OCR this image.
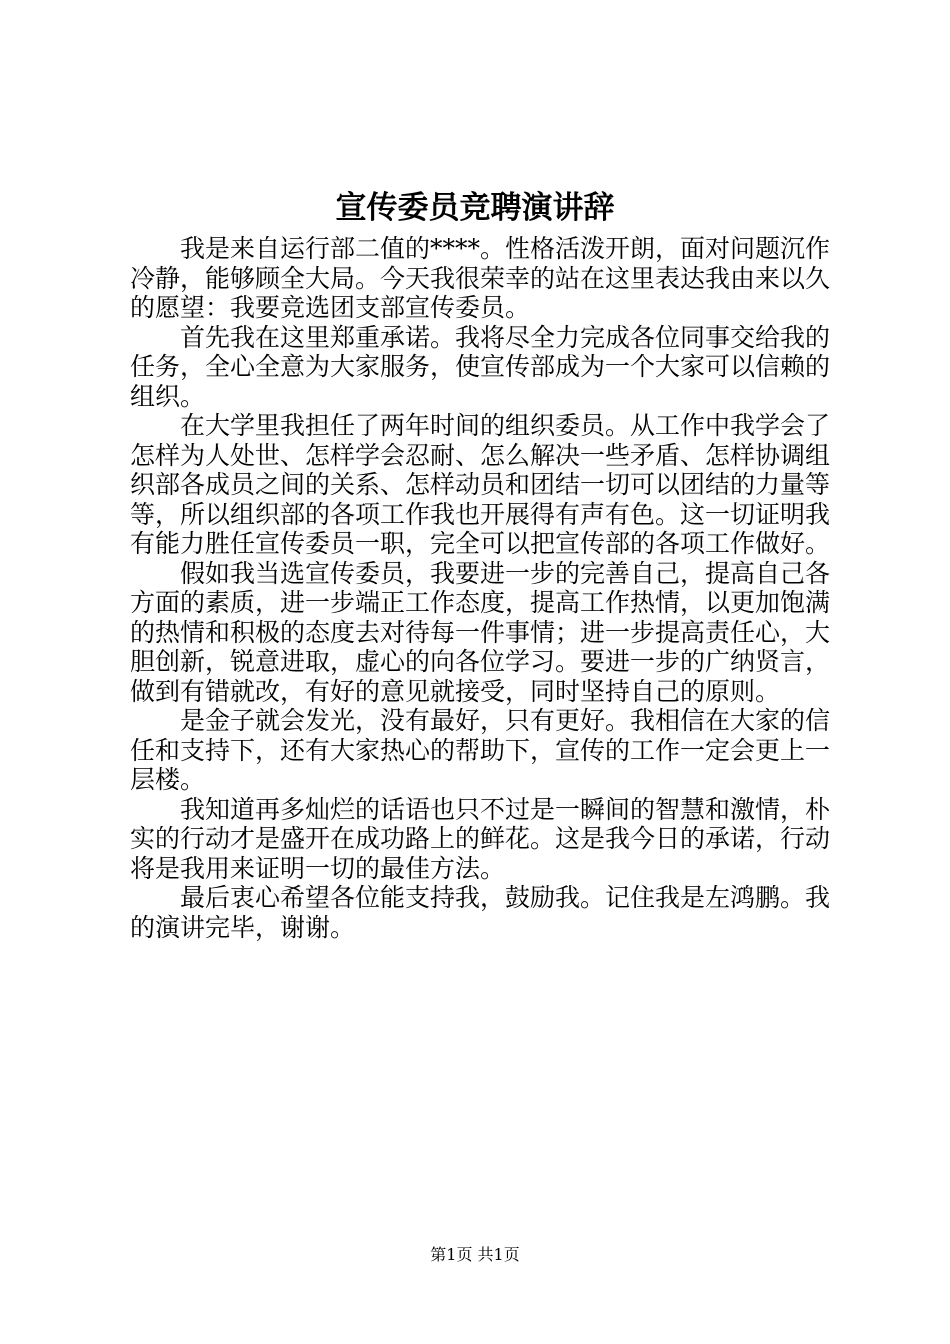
宣传委员竞聘演讲辞

我是来自运行部二值的****。性格活泼开朗，面对问题沉作冷静，能够顾全大局。今天我很荣幸的站在这里表达我由来以久的愿望：我要竞选团支部宣传委员。

首先我在这里郑重承诺。我将尽全力完成各位同事交给我的任务，全心全意为大家服务，使宣传部成为一个大家可以信赖的组织。

在大学里我担任了两年时间的组织委员。从工作中我学会了怎样为人处世、怎样学会忍耐、怎么解决一些矛盾、怎样协调组织部各成员之间的关系、怎样动员和团结一切可以团结的力量等等，所以组织部的各项工作我也开展得有声有色。这一切证明我有能力胜任宣传委员一职，完全可以把宣传部的各项工作做好。

假如我当选宣传委员，我要进一步的完善自己，提高自己各方面的素质，进一步端正工作态度，提高工作热情，以更加饱满的热情和积极的态度去对待每一件事情；进一步提高责任心，大胆创新，锐意进取，虚心的向各位学习。要进一步的广纳贤言，做到有错就改，有好的意见就接受，同时坚持自己的原则。

是金子就会发光，没有最好，只有更好。我相信在大家的信任和支持下，还有大家热心的帮助下，宣传的工作一定会更上一层楼。

我知道再多灿烂的话语也只不过是一瞬间的智慧和激情，朴实的行动才是盛开在成功路上的鲜花。这是我今日的承诺，行动将是我用来证明一切的最佳方法。

最后衷心希望各位能支持我，鼓励我。记住我是左鸿鹏。我的演讲完毕，谢谢。

第1页 共1页
